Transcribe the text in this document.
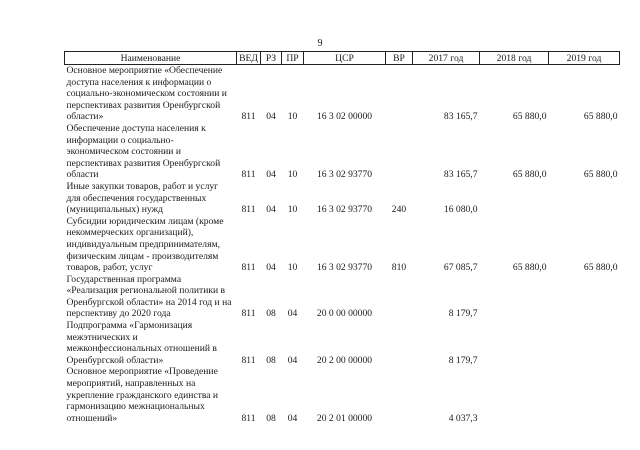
9
Наименование	ВЕД	РЗ	ПР	ЦСР	ВР	2017 год	2018 год	2019 год
Основное мероприятие «Обеспечение доступа населения к информации о социально-экономическом состоянии и перспективах развития Оренбургской области»	811	04	10	16 3 02 00000		83 165,7	65 880,0	65 880,0
Обеспечение доступа населения к информации о социально-экономическом состоянии и перспективах развития Оренбургской области	811	04	10	16 3 02 93770		83 165,7	65 880,0	65 880,0
Иные закупки товаров, работ и услуг для обеспечения государственных (муниципальных) нужд	811	04	10	16 3 02 93770	240	16 080,0		
Субсидии юридическим лицам (кроме некоммерческих организаций), индивидуальным предпринимателям, физическим лицам - производителям товаров, работ, услуг	811	04	10	16 3 02 93770	810	67 085,7	65 880,0	65 880,0
Государственная программа «Реализация региональной политики в Оренбургской области» на 2014 год и на перспективу до 2020 года	811	08	04	20 0 00 00000		8 179,7		
Подпрограмма «Гармонизация межэтнических и межконфессиональных отношений в Оренбургской области»	811	08	04	20 2 00 00000		8 179,7		
Основное мероприятие «Проведение мероприятий, направленных на укрепление гражданского единства и гармонизацию межнациональных отношений»	811	08	04	20 2 01 00000		4 037,3		
